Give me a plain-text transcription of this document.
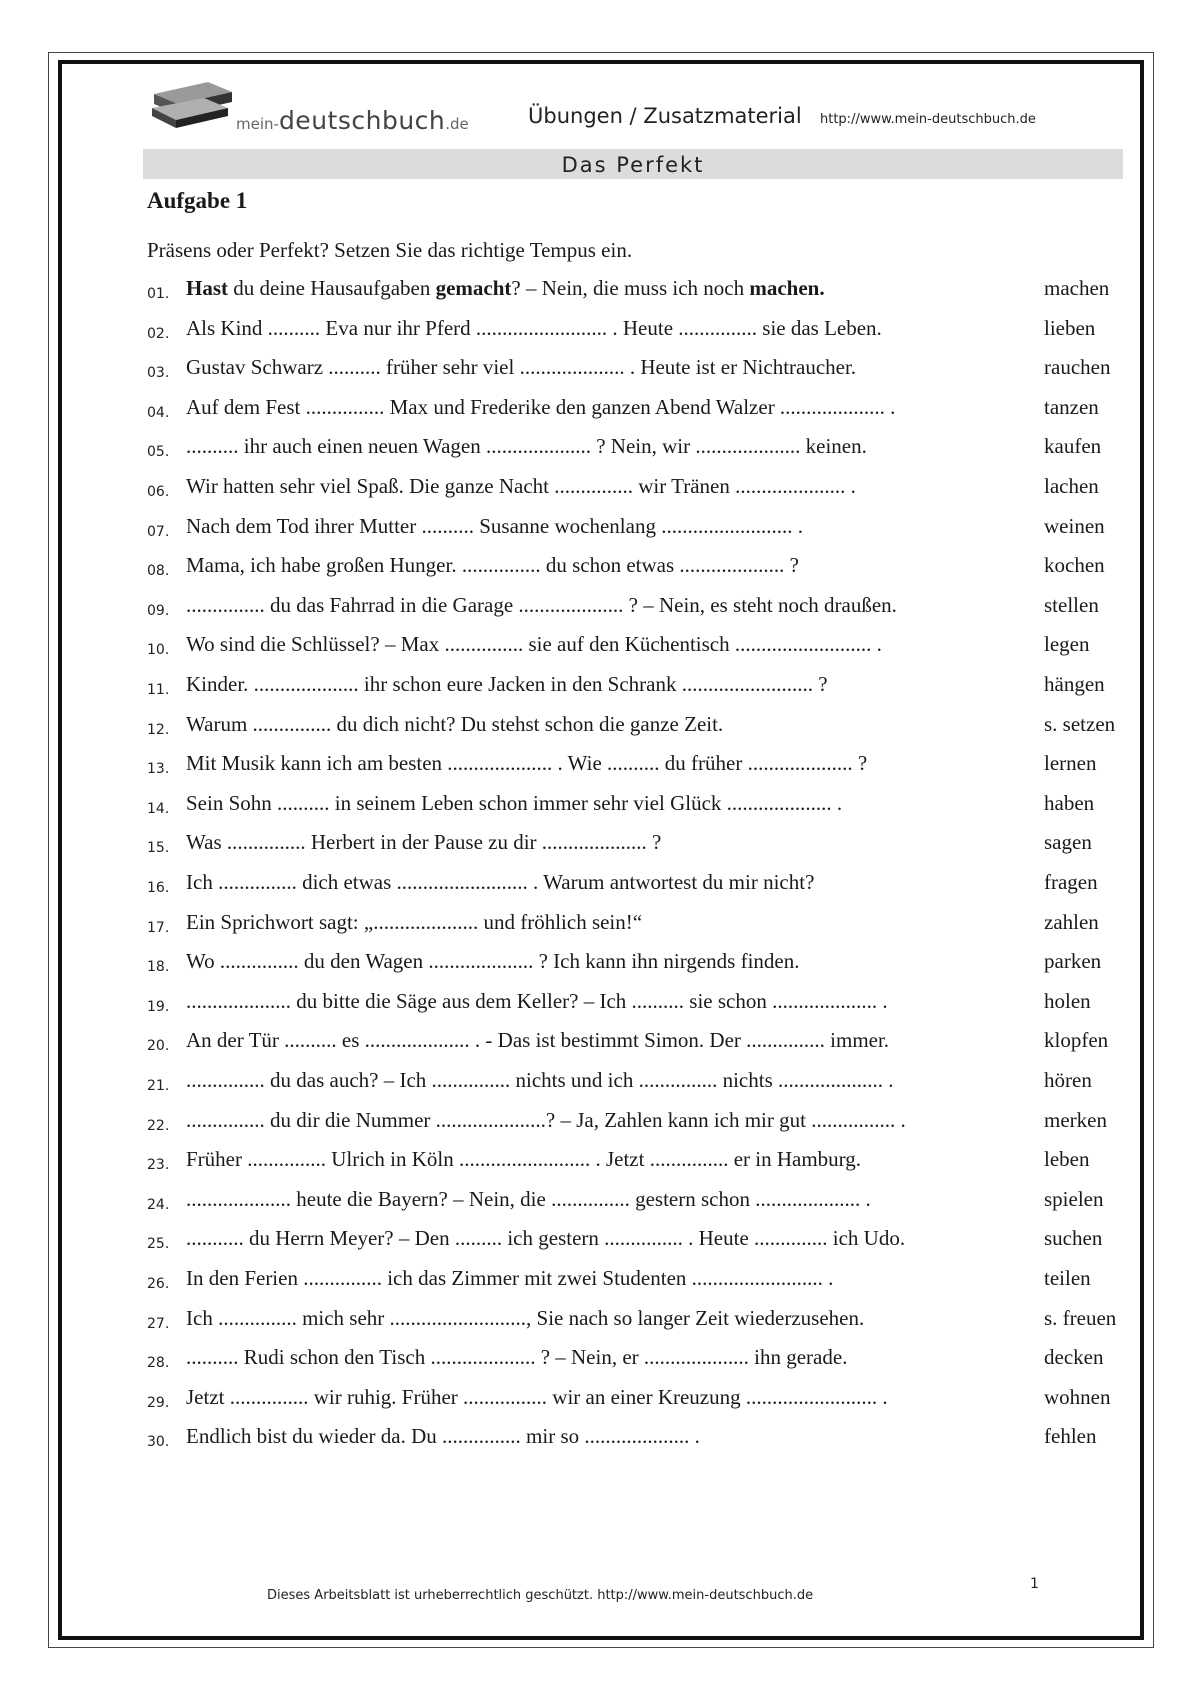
mein-deutschbuch.de	Übungen / Zusatzmaterial http://www.mein-deutschbuch.de
Das Perfekt
Aufgabe 1
Präsens oder Perfekt? Setzen Sie das richtige Tempus ein.
01. Hast du deine Hausaufgaben gemacht? – Nein, die muss ich noch machen.	machen
02. Als Kind .......... Eva nur ihr Pferd ......................... . Heute ............... sie das Leben.	lieben
03. Gustav Schwarz .......... früher sehr viel .................... . Heute ist er Nichtraucher.	rauchen
04. Auf dem Fest ............... Max und Frederike den ganzen Abend Walzer .................... .	tanzen
05. .......... ihr auch einen neuen Wagen .................... ? Nein, wir .................... keinen.	kaufen
06. Wir hatten sehr viel Spaß. Die ganze Nacht ............... wir Tränen ..................... .	lachen
07. Nach dem Tod ihrer Mutter .......... Susanne wochenlang ......................... .	weinen
08. Mama, ich habe großen Hunger. ............... du schon etwas .................... ?	kochen
09. ............... du das Fahrrad in die Garage .................... ? – Nein, es steht noch draußen.	stellen
10. Wo sind die Schlüssel? – Max ............... sie auf den Küchentisch .......................... .	legen
11. Kinder. .................... ihr schon eure Jacken in den Schrank ......................... ?	hängen
12. Warum ............... du dich nicht? Du stehst schon die ganze Zeit.	s. setzen
13. Mit Musik kann ich am besten .................... . Wie .......... du früher .................... ?	lernen
14. Sein Sohn .......... in seinem Leben schon immer sehr viel Glück .................... .	haben
15. Was ............... Herbert in der Pause zu dir .................... ?	sagen
16. Ich ............... dich etwas ......................... . Warum antwortest du mir nicht?	fragen
17. Ein Sprichwort sagt: „.................... und fröhlich sein!“	zahlen
18. Wo ............... du den Wagen .................... ? Ich kann ihn nirgends finden.	parken
19. .................... du bitte die Säge aus dem Keller? – Ich .......... sie schon .................... .	holen
20. An der Tür .......... es .................... . - Das ist bestimmt Simon. Der ............... immer.	klopfen
21. ............... du das auch? – Ich ............... nichts und ich ............... nichts .................... .	hören
22. ............... du dir die Nummer .....................? – Ja, Zahlen kann ich mir gut ................ .	merken
23. Früher ............... Ulrich in Köln ......................... . Jetzt ............... er in Hamburg.	leben
24. .................... heute die Bayern? – Nein, die ............... gestern schon .................... .	spielen
25. ........... du Herrn Meyer? – Den ......... ich gestern ............... . Heute .............. ich Udo.	suchen
26. In den Ferien ............... ich das Zimmer mit zwei Studenten ......................... .	teilen
27. Ich ............... mich sehr .........................., Sie nach so langer Zeit wiederzusehen.	s. freuen
28. .......... Rudi schon den Tisch .................... ? – Nein, er .................... ihn gerade.	decken
29. Jetzt ............... wir ruhig. Früher ................ wir an einer Kreuzung ......................... .	wohnen
30. Endlich bist du wieder da. Du ............... mir so .................... .	fehlen
Dieses Arbeitsblatt ist urheberrechtlich geschützt. http://www.mein-deutschbuch.de
1
